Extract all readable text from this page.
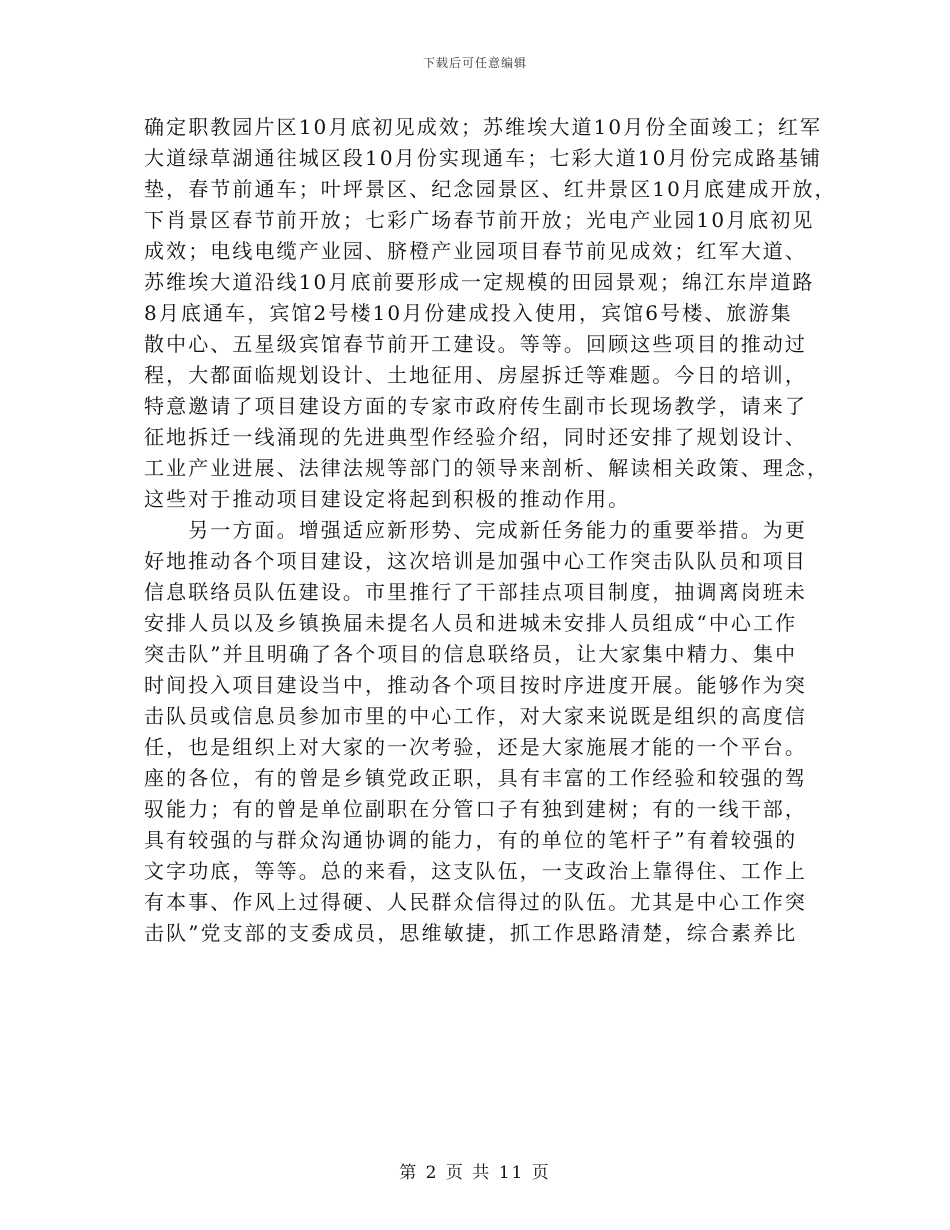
下载后可任意编辑
确定职教园片区10月底初见成效；苏维埃大道10月份全面竣工；红军
大道绿草湖通往城区段10月份实现通车；七彩大道10月份完成路基铺
垫，春节前通车；叶坪景区、纪念园景区、红井景区10月底建成开放，
下肖景区春节前开放；七彩广场春节前开放；光电产业园10月底初见
成效；电线电缆产业园、脐橙产业园项目春节前见成效；红军大道、
苏维埃大道沿线10月底前要形成一定规模的田园景观；绵江东岸道路
8月底通车，宾馆2号楼10月份建成投入使用，宾馆6号楼、旅游集
散中心、五星级宾馆春节前开工建设。等等。回顾这些项目的推动过
程，大都面临规划设计、土地征用、房屋拆迁等难题。今日的培训，
特意邀请了项目建设方面的专家市政府传生副市长现场教学，请来了
征地拆迁一线涌现的先进典型作经验介绍，同时还安排了规划设计、
工业产业进展、法律法规等部门的领导来剖析、解读相关政策、理念，
这些对于推动项目建设定将起到积极的推动作用。
　　另一方面。增强适应新形势、完成新任务能力的重要举措。为更
好地推动各个项目建设，这次培训是加强中心工作突击队队员和项目
信息联络员队伍建设。市里推行了干部挂点项目制度，抽调离岗班未
安排人员以及乡镇换届未提名人员和进城未安排人员组成“中心工作
突击队”并且明确了各个项目的信息联络员，让大家集中精力、集中
时间投入项目建设当中，推动各个项目按时序进度开展。能够作为突
击队员或信息员参加市里的中心工作，对大家来说既是组织的高度信
任，也是组织上对大家的一次考验，还是大家施展才能的一个平台。
座的各位，有的曾是乡镇党政正职，具有丰富的工作经验和较强的驾
驭能力；有的曾是单位副职在分管口子有独到建树；有的一线干部，
具有较强的与群众沟通协调的能力，有的单位的笔杆子”有着较强的
文字功底，等等。总的来看，这支队伍，一支政治上靠得住、工作上
有本事、作风上过得硬、人民群众信得过的队伍。尤其是中心工作突
击队”党支部的支委成员，思维敏捷，抓工作思路清楚，综合素养比
第 2 页 共 11 页
